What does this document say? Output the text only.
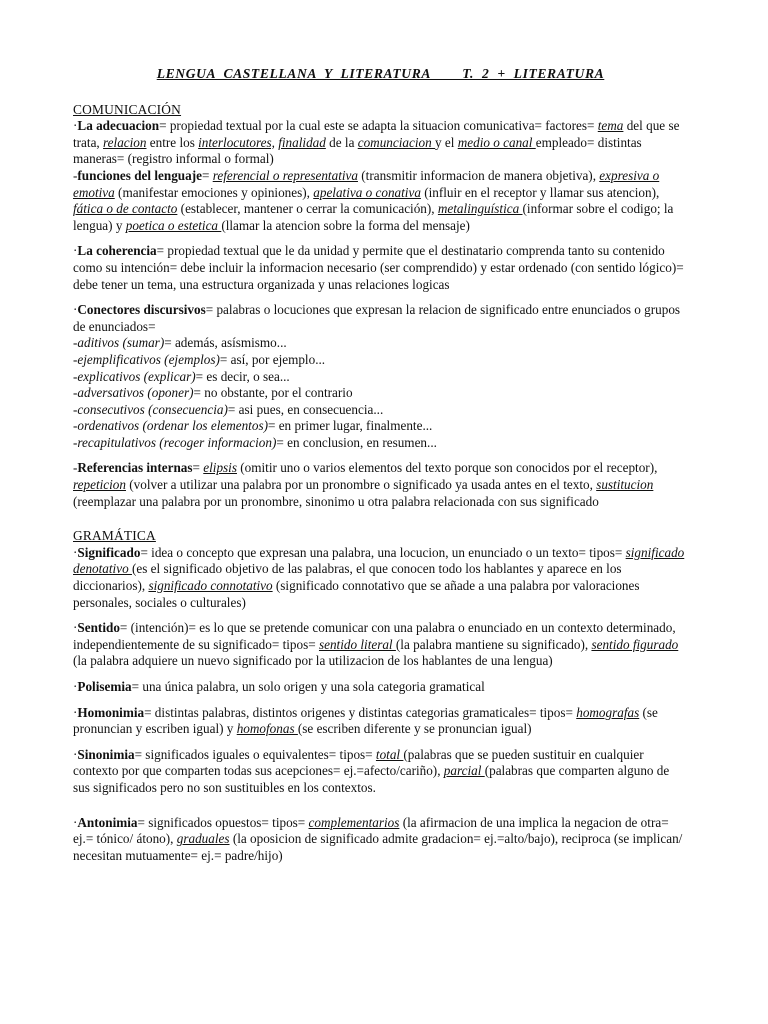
LENGUA  CASTELLANA  Y  LITERATURA        T.  2  +  LITERATURA
COMUNICACIÓN

·La adecuacion= propiedad textual por la cual este se adapta la situacion comunicativa= factores= tema del que se trata, relacion entre los interlocutores, finalidad de la comunciacion y el medio o canal empleado= distintas maneras= (registro informal o formal)

-funciones del lenguaje= referencial o representativa (transmitir informacion de manera objetiva), expresiva o emotiva (manifestar emociones y opiniones), apelativa o conativa (influir en el receptor y llamar sus atencion), fática o de contacto (establecer, mantener o cerrar la comunicación), metalinguística (informar sobre el codigo; la lengua) y poetica o estetica (llamar la atencion sobre la forma del mensaje)

·La coherencia= propiedad textual que le da unidad y permite que el destinatario comprenda tanto su contenido como su intención= debe incluir la informacion necesario (ser comprendido) y estar ordenado (con sentido lógico)= debe tener un tema, una estructura organizada y unas relaciones logicas

·Conectores discursivos= palabras o locuciones que expresan la relacion de significado entre enunciados o grupos de enunciados=

-aditivos (sumar)= además, asísmismo...

-ejemplificativos (ejemplos)= así, por ejemplo...

-explicativos (explicar)= es decir, o sea...

-adversativos (oponer)= no obstante, por el contrario

-consecutivos (consecuencia)= asi pues, en consecuencia...

-ordenativos (ordenar los elementos)= en primer lugar, finalmente...

-recapitulativos (recoger informacion)= en conclusion, en resumen...

-Referencias internas= elipsis (omitir uno o varios elementos del texto porque son conocidos por el receptor), repeticion (volver a utilizar una palabra por un pronombre o significado ya usada antes en el texto, sustitucion (reemplazar una palabra por un pronombre, sinonimo u otra palabra relacionada con sus significado

GRAMÁTICA

·Significado= idea o concepto que expresan una palabra, una locucion, un enunciado o un texto= tipos= significado denotativo (es el significado objetivo de las palabras, el que conocen todo los hablantes y aparece en los diccionarios), significado connotativo (significado connotativo que se añade a una palabra por valoraciones personales, sociales o culturales)

·Sentido= (intención)= es lo que se pretende comunicar con una palabra o enunciado en un contexto determinado, independientemente de su significado= tipos= sentido literal (la palabra mantiene su significado), sentido figurado (la palabra adquiere un nuevo significado por la utilizacion de los hablantes de una lengua)

·Polisemia= una única palabra, un solo origen y una sola categoria gramatical

·Homonimia= distintas palabras, distintos origenes y distintas categorias gramaticales= tipos= homografas (se pronuncian y escriben igual) y homofonas (se escriben diferente y se pronuncian igual)

·Sinonimia= significados iguales o equivalentes= tipos= total (palabras que se pueden sustituir en cualquier contexto por que comparten todas sus acepciones= ej.=afecto/cariño), parcial (palabras que comparten alguno de sus significados pero no son sustituibles en los contextos.

·Antonimia= significados opuestos= tipos= complementarios (la afirmacion de una implica la negacion de otra= ej.= tónico/ átono), graduales (la oposicion de significado admite gradacion= ej.=alto/bajo), reciproca (se implican/ necesitan mutuamente= ej.= padre/hijo)
